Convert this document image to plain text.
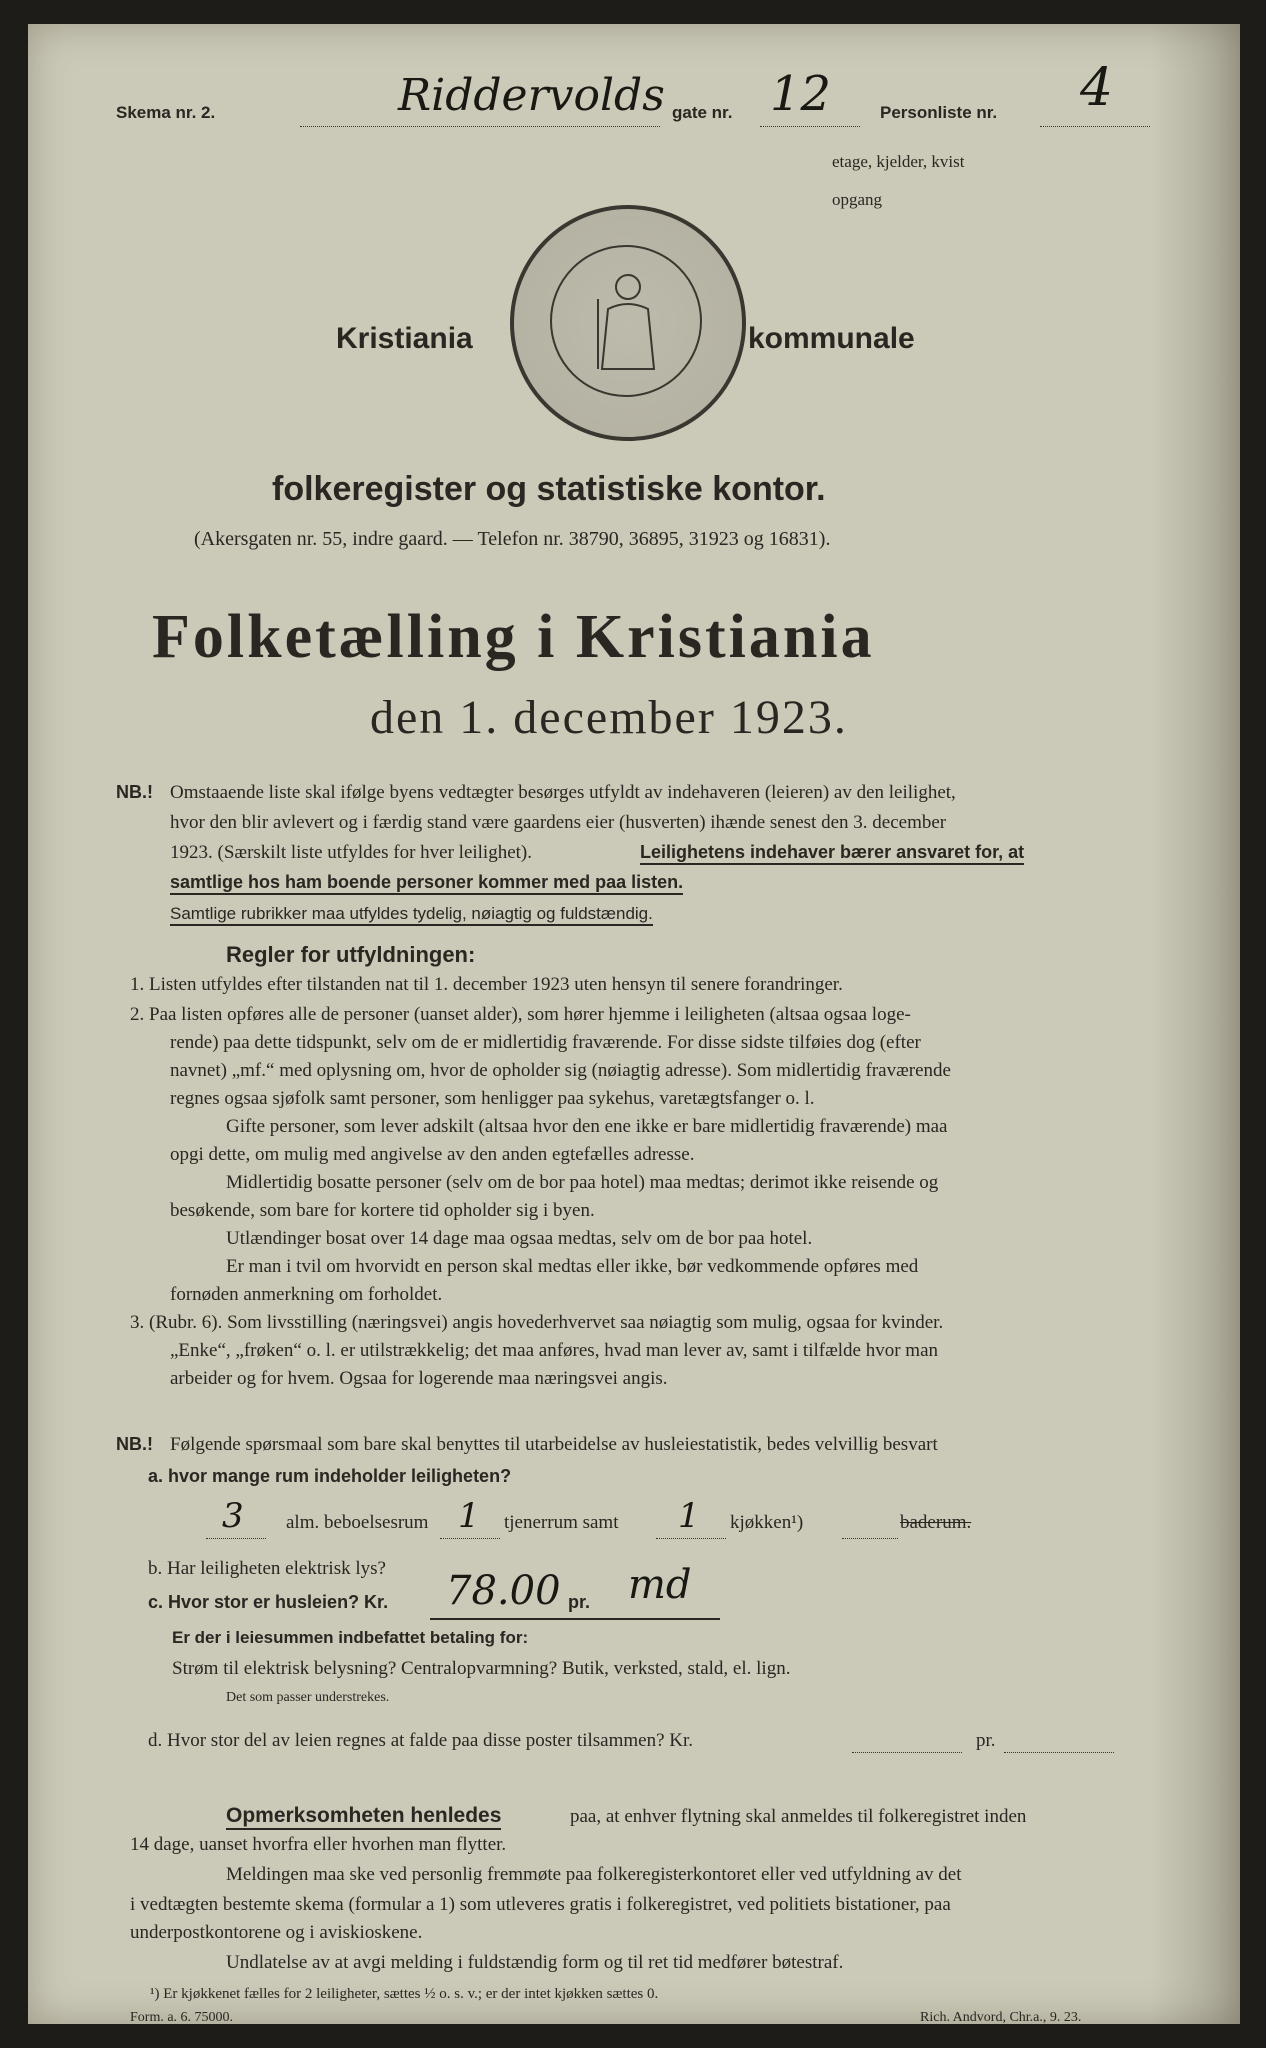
Skema nr. 2.	Riddervolds gate nr. 12	Personliste nr. 4
etage, kjelder, kvist
opgang
Kristiania	kommunale
folkeregister og statistiske kontor.
(Akersgaten nr. 55, indre gaard. — Telefon nr. 38790, 36895, 31923 og 16831).
Folketælling i Kristiania
den 1. december 1923.
NB.! Omstaaende liste skal ifølge byens vedtægter besørges utfyldt av indehaveren (leieren) av den leilighet,
hvor den blir avlevert og i færdig stand være gaardens eier (husverten) ihænde senest den 3. december
1923. (Særskilt liste utfyldes for hver leilighet).	Leilighetens indehaver bærer ansvaret for, at
samtlige hos ham boende personer kommer med paa listen.
Samtlige rubrikker maa utfyldes tydelig, nøiagtig og fuldstændig.
Regler for utfyldningen:
1. Listen utfyldes efter tilstanden nat til 1. december 1923 uten hensyn til senere forandringer.
2. Paa listen opføres alle de personer (uanset alder), som hører hjemme i leiligheten (altsaa ogsaa loge-
rende) paa dette tidspunkt, selv om de er midlertidig fraværende. For disse sidste tilføies dog (efter
navnet) „mf.“ med oplysning om, hvor de opholder sig (nøiagtig adresse). Som midlertidig fraværende
regnes ogsaa sjøfolk samt personer, som henligger paa sykehus, varetægtsfanger o. l.
Gifte personer, som lever adskilt (altsaa hvor den ene ikke er bare midlertidig fraværende) maa
opgi dette, om mulig med angivelse av den anden egtefælles adresse.
Midlertidig bosatte personer (selv om de bor paa hotel) maa medtas; derimot ikke reisende og
besøkende, som bare for kortere tid opholder sig i byen.
Utlændinger bosat over 14 dage maa ogsaa medtas, selv om de bor paa hotel.
Er man i tvil om hvorvidt en person skal medtas eller ikke, bør vedkommende opføres med
fornøden anmerkning om forholdet.
3. (Rubr. 6). Som livsstilling (næringsvei) angis hovederhvervet saa nøiagtig som mulig, ogsaa for kvinder.
„Enke“, „frøken“ o. l. er utilstrækkelig; det maa anføres, hvad man lever av, samt i tilfælde hvor man
arbeider og for hvem. Ogsaa for logerende maa næringsvei angis.
NB.! Følgende spørsmaal som bare skal benyttes til utarbeidelse av husleiestatistik, bedes velvillig besvart
a. hvor mange rum indeholder leiligheten?
3 alm. beboelsesrum 1 tjenerrum samt 1 kjøkken¹)	baderum.
b. Har leiligheten elektrisk lys?
c. Hvor stor er husleien? Kr. 78.00 pr. md
Er der i leiesummen indbefattet betaling for:
Strøm til elektrisk belysning? Centralopvarmning? Butik, verksted, stald, el. lign.
Det som passer understrekes.
d. Hvor stor del av leien regnes at falde paa disse poster tilsammen? Kr.	pr.
Opmerksomheten henledes	paa, at enhver flytning skal anmeldes til folkeregistret inden
14 dage, uanset hvorfra eller hvorhen man flytter.
Meldingen maa ske ved personlig fremmøte paa folkeregisterkontoret eller ved utfyldning av det
i vedtægten bestemte skema (formular a 1) som utleveres gratis i folkeregistret, ved politiets bistationer, paa
underpostkontorene og i aviskioskene.
Undlatelse av at avgi melding i fuldstændig form og til ret tid medfører bøtestraf.
¹) Er kjøkkenet fælles for 2 leiligheter, sættes ½ o. s. v.; er der intet kjøkken sættes 0.
Form. a. 6. 75000.	Rich. Andvord, Chr.a., 9. 23.
